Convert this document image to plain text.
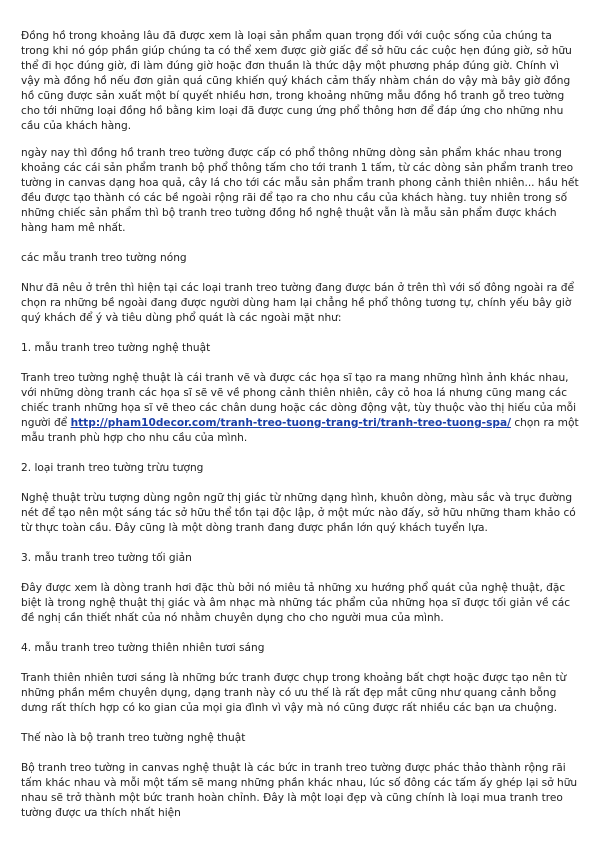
Đồng hồ trong khoảng lâu đã được xem là loại sản phẩm quan trọng đối với cuộc sống của chúng ta trong khi nó góp phần giúp chúng ta có thể xem được giờ giấc để sở hữu các cuộc hẹn đúng giờ, sở hữu thể đi học đúng giờ, đi làm đúng giờ hoặc đơn thuần là thức dậy một phương pháp đúng giờ. Chính vì vậy mà đồng hồ nếu đơn giản quá cũng khiến quý khách cảm thấy nhàm chán do vậy mà bây giờ đồng hồ cũng được sản xuất một bí quyết nhiều hơn, trong khoảng những mẫu đồng hồ tranh gỗ treo tường cho tới những loại đồng hồ bằng kim loại đã được cung ứng phổ thông hơn để đáp ứng cho những nhu cầu của khách hàng.

ngày nay thì đồng hồ tranh treo tường được cấp có phổ thông những dòng sản phẩm khác nhau trong khoảng các cái sản phẩm tranh bộ phổ thông tấm cho tới tranh 1 tấm, từ các dòng sản phẩm tranh treo tường in canvas dạng hoa quả, cây lá cho tới các mẫu sản phẩm tranh phong cảnh thiên nhiên... hầu hết đều được tạo thành có các bề ngoài rộng rãi để tạo ra cho nhu cầu của khách hàng. tuy nhiên trong số những chiếc sản phẩm thì bộ tranh treo tường đồng hồ nghệ thuật vẫn là mẫu sản phẩm được khách hàng ham mê nhất.

các mẫu tranh treo tường nóng

Như đã nêu ở trên thì hiện tại các loại tranh treo tường đang được bán ở trên thì với số đông ngoài ra để chọn ra những bề ngoài đang được người dùng ham lại chẳng hề phổ thông tương tự, chính yếu bây giờ quý khách để ý và tiêu dùng phổ quát là các ngoài mặt như:

1. mẫu tranh treo tường nghệ thuật

Tranh treo tường nghệ thuật là cái tranh vẽ và được các họa sĩ tạo ra mang những hình ảnh khác nhau, với những dòng tranh các họa sĩ sẽ vẽ về phong cảnh thiên nhiên, cây cỏ hoa lá nhưng cũng mang các chiếc tranh những họa sĩ vẽ theo các chân dung hoặc các dòng động vật, tùy thuộc vào thị hiếu của mỗi người để http://pham10decor.com/tranh-treo-tuong-trang-tri/tranh-treo-tuong-spa/ chọn ra một mẫu tranh phù hợp cho nhu cầu của mình.

2. loại tranh treo tường trừu tượng

Nghệ thuật trừu tượng dùng ngôn ngữ thị giác từ những dạng hình, khuôn dòng, màu sắc và trục đường nét để tạo nên một sáng tác sở hữu thể tồn tại độc lập, ở một mức nào đấy, sở hữu những tham khảo có từ thực toàn cầu. Đây cũng là một dòng tranh đang được phần lớn quý khách tuyển lựa.

3. mẫu tranh treo tường tối giản

Đây được xem là dòng tranh hơi đặc thù bởi nó miêu tả những xu hướng phổ quát của nghệ thuật, đặc biệt là trong nghệ thuật thị giác và âm nhạc mà những tác phẩm của những họa sĩ được tối giản về các đề nghị cần thiết nhất của nó nhằm chuyên dụng cho cho người mua của mình.

4. mẫu tranh treo tường thiên nhiên tươi sáng

Tranh thiên nhiên tươi sáng là những bức tranh được chụp trong khoảng bất chợt hoặc được tạo nên từ những phần mềm chuyên dụng, dạng tranh này có ưu thế là rất đẹp mắt cũng như quang cảnh bỗng dưng rất thích hợp có ko gian của mọi gia đình vì vậy mà nó cũng được rất nhiều các bạn ưa chuộng.

Thế nào là bộ tranh treo tường nghệ thuật

Bộ tranh treo tường in canvas nghệ thuật là các bức in tranh treo tường được phác thảo thành rộng rãi tấm khác nhau và mỗi một tấm sẽ mang những phần khác nhau, lúc số đông các tấm ấy ghép lại sở hữu nhau sẽ trở thành một bức tranh hoàn chỉnh. Đây là một loại đẹp và cũng chính là loại mua tranh treo tường được ưa thích nhất hiện
